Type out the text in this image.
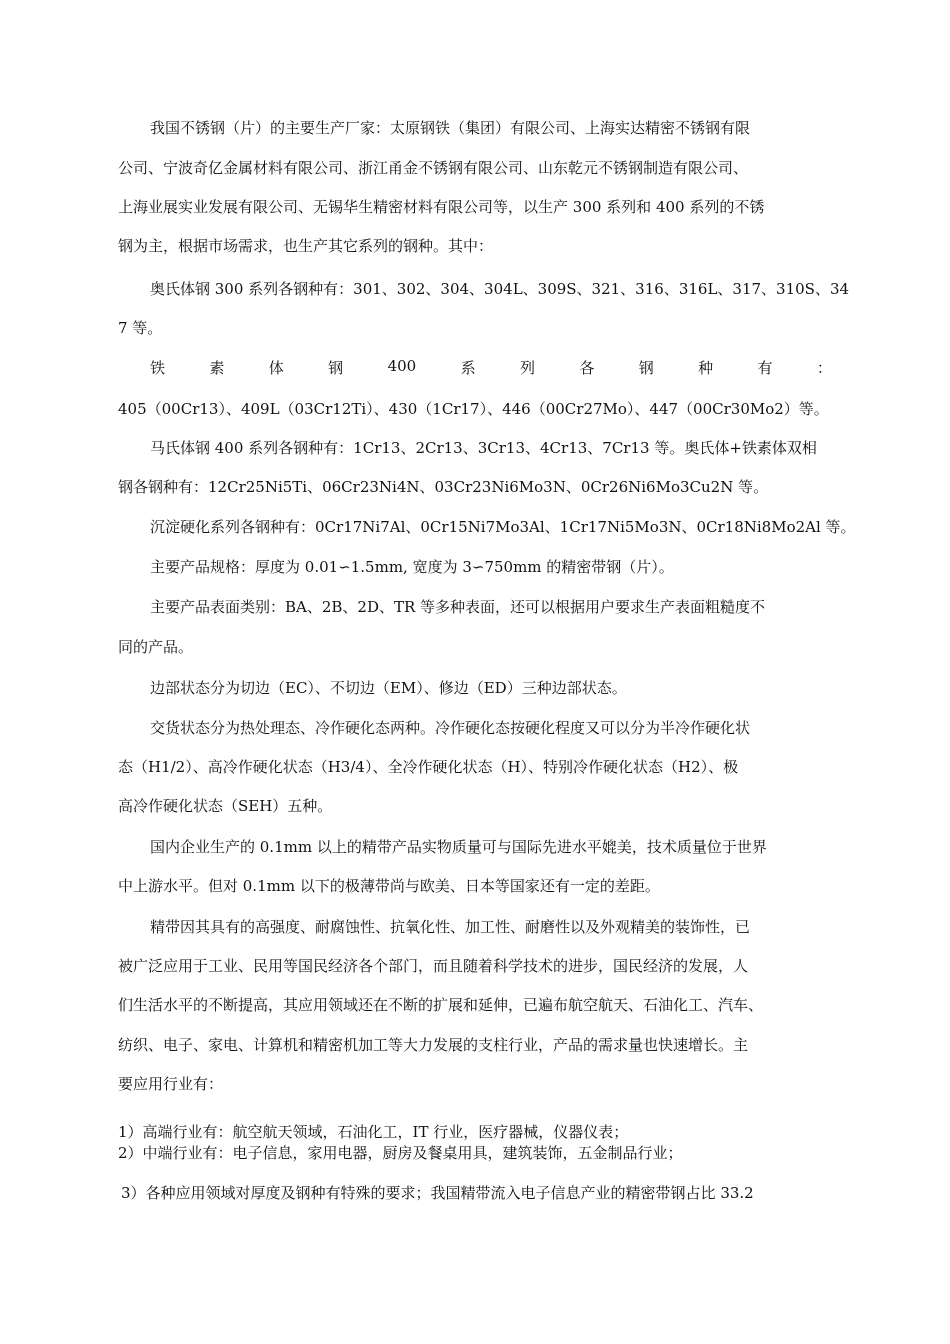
我国不锈钢（片）的主要生产厂家：太原钢铁（集团）有限公司、上海实达精密不锈钢有限
公司、宁波奇亿金属材料有限公司、浙江甬金不锈钢有限公司、山东乾元不锈钢制造有限公司、
上海业展实业发展有限公司、无锡华生精密材料有限公司等，以生产 300 系列和 400 系列的不锈
钢为主，根据市场需求，也生产其它系列的钢种。其中：
奥氏体钢 300 系列各钢种有：301、302、304、304L、309S、321、316、316L、317、310S、34
7 等。
铁	素	体	钢	400	系	列	各	钢	种	有	：
405（00Cr13）、409L（03Cr12Ti）、430（1Cr17）、446（00Cr27Mo）、447（00Cr30Mo2）等。
马氏体钢 400 系列各钢种有：1Cr13、2Cr13、3Cr13、4Cr13、7Cr13 等。奥氏体+铁素体双相
钢各钢种有：12Cr25Ni5Ti、06Cr23Ni4N、03Cr23Ni6Mo3N、0Cr26Ni6Mo3Cu2N 等。
沉淀硬化系列各钢种有：0Cr17Ni7Al、0Cr15Ni7Mo3Al、1Cr17Ni5Mo3N、0Cr18Ni8Mo2Al 等。
主要产品规格：厚度为 0.01∽1.5mm, 宽度为 3∽750mm 的精密带钢（片）。
主要产品表面类别：BA、2B、2D、TR 等多种表面，还可以根据用户要求生产表面粗糙度不
同的产品。
边部状态分为切边（EC）、不切边（EM）、修边（ED）三种边部状态。
交货状态分为热处理态、冷作硬化态两种。冷作硬化态按硬化程度又可以分为半冷作硬化状
态（H1/2）、高冷作硬化状态（H3/4）、全冷作硬化状态（H）、特别冷作硬化状态（H2）、极
高冷作硬化状态（SEH）五种。
国内企业生产的 0.1mm 以上的精带产品实物质量可与国际先进水平媲美，技术质量位于世界
中上游水平。但对 0.1mm 以下的极薄带尚与欧美、日本等国家还有一定的差距。
精带因其具有的高强度、耐腐蚀性、抗氧化性、加工性、耐磨性以及外观精美的装饰性，已
被广泛应用于工业、民用等国民经济各个部门，而且随着科学技术的进步，国民经济的发展，人
们生活水平的不断提高，其应用领域还在不断的扩展和延伸，已遍布航空航天、石油化工、汽车、
纺织、电子、家电、计算机和精密机加工等大力发展的支柱行业，产品的需求量也快速增长。主
要应用行业有：
1）高端行业有：航空航天领域，石油化工，IT 行业，医疗器械，仪器仪表；
2）中端行业有：电子信息，家用电器，厨房及餐桌用具，建筑装饰，五金制品行业；
3）各种应用领域对厚度及钢种有特殊的要求；我国精带流入电子信息产业的精密带钢占比 33.2
